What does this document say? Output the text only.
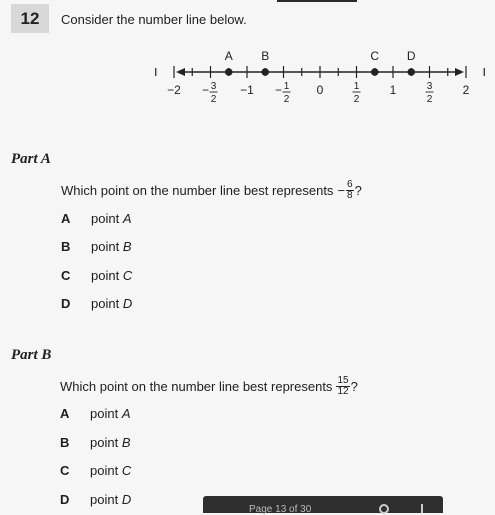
12	Consider the number line below.
−2 − 3
2
−1 − 1
2
0	1
2
1	3
2
2
A B	C D
Part A
Which point on the number line best represents − $\frac{6}{8}$ ?
A	point A
B	point B
C	point C
D	point D
Part B
Which point on the number line best represents $\frac{15}{12}$ ?
A	point A
B	point B
C	point C
D	point D
Page 13 of 30
